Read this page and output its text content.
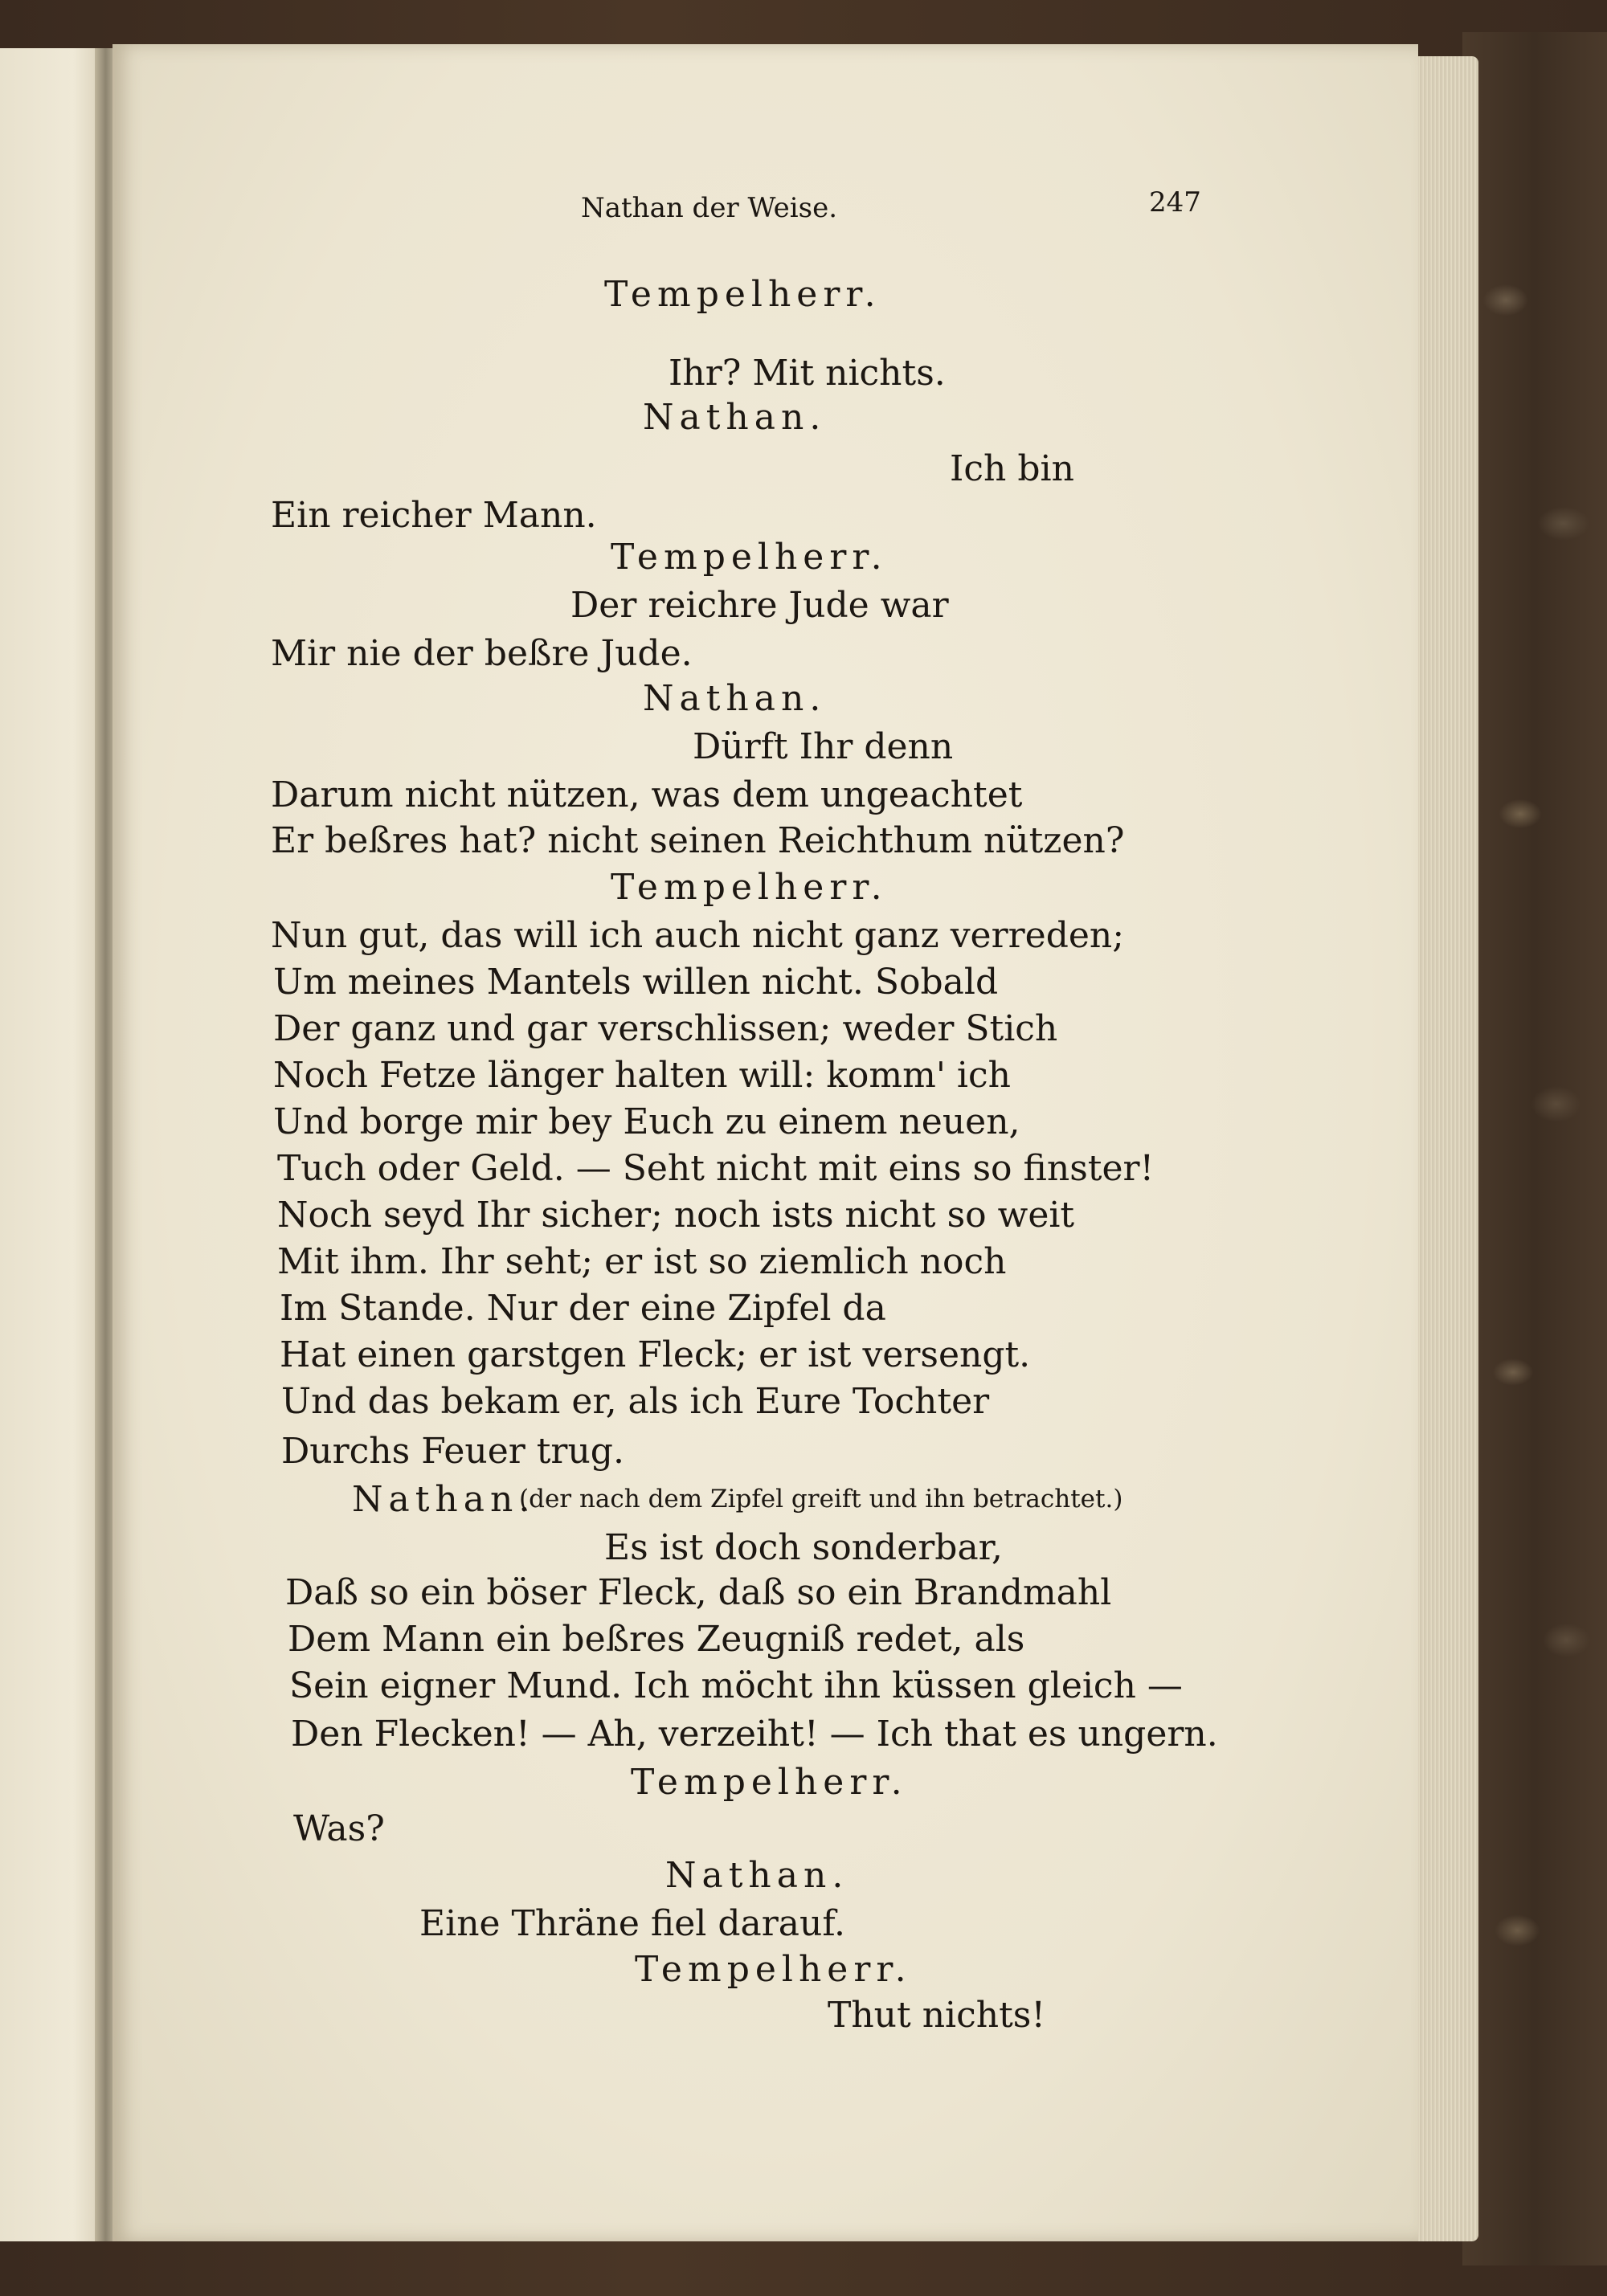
Nathan der Weise.	247
Tempelherr.
Ihr? Mit nichts.
Nathan.
Ich bin
Ein reicher Mann.
Tempelherr.
Der reichre Jude war
Mir nie der beßre Jude.
Nathan.
Dürft Ihr denn
Darum nicht nützen, was dem ungeachtet
Er beßres hat? nicht seinen Reichthum nützen?
Tempelherr.
Nun gut, das will ich auch nicht ganz verreden;
Um meines Mantels willen nicht. Sobald
Der ganz und gar verschlissen; weder Stich
Noch Fetze länger halten will: komm' ich
Und borge mir bey Euch zu einem neuen,
Tuch oder Geld. — Seht nicht mit eins so finster!
Noch seyd Ihr sicher; noch ists nicht so weit
Mit ihm. Ihr seht; er ist so ziemlich noch
Im Stande. Nur der eine Zipfel da
Hat einen garstgen Fleck; er ist versengt.
Und das bekam er, als ich Eure Tochter
Durchs Feuer trug.
Nathan.
(der nach dem Zipfel greift und ihn betrachtet.)
Es ist doch sonderbar,
Daß so ein böser Fleck, daß so ein Brandmahl
Dem Mann ein beßres Zeugniß redet, als
Sein eigner Mund. Ich möcht ihn küssen gleich —
Den Flecken! — Ah, verzeiht! — Ich that es ungern.
Tempelherr.
Was?
Nathan.
Eine Thräne fiel darauf.
Tempelherr.
Thut nichts!
